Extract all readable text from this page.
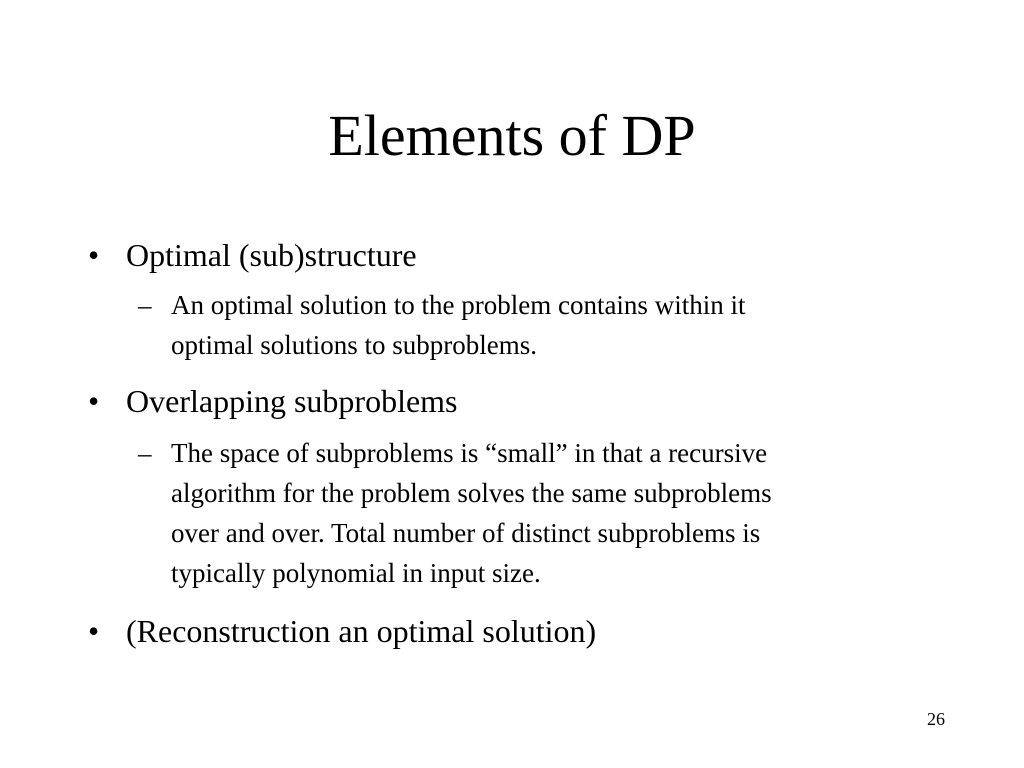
Elements of DP
• Optimal (sub)structure
– An optimal solution to the problem contains within it
optimal solutions to subproblems.
• Overlapping subproblems
– The space of subproblems is “small” in that a recursive
algorithm for the problem solves the same subproblems
over and over. Total number of distinct subproblems is
typically polynomial in input size.
• (Reconstruction an optimal solution)
26
